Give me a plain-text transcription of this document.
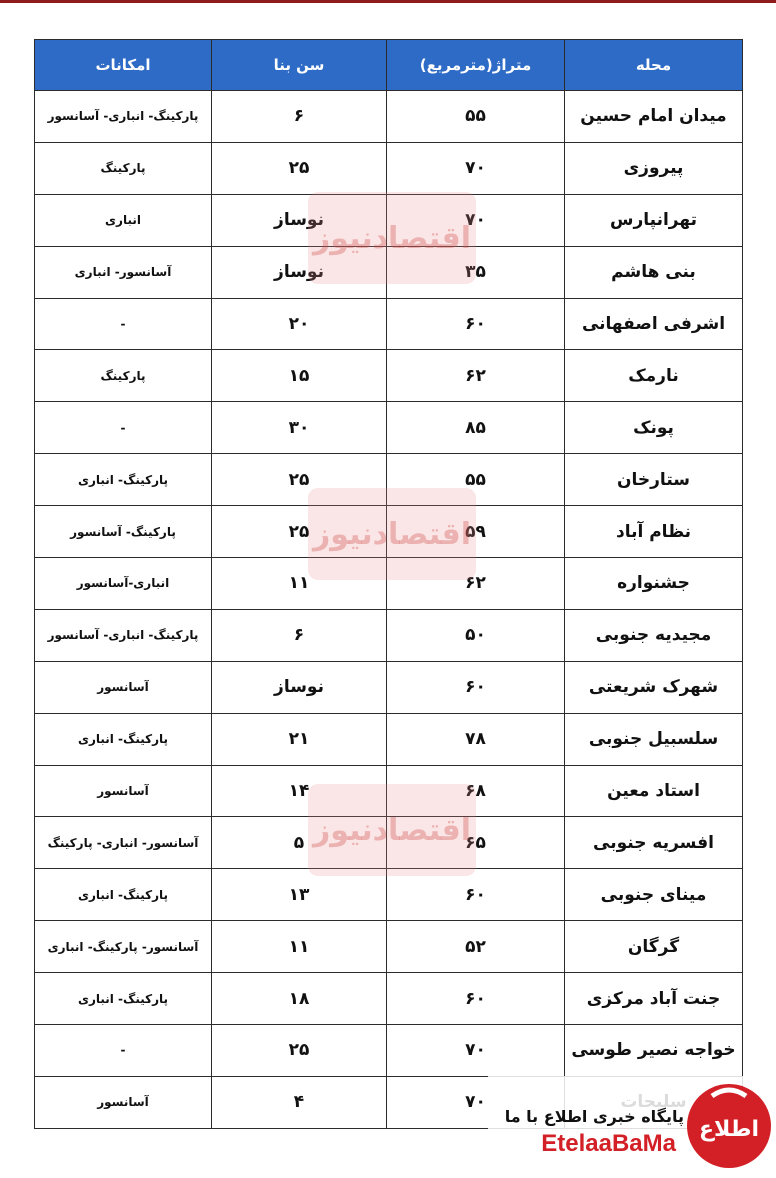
محله	متراژ(مترمربع)	سن بنا	امکانات
میدان امام حسین	۵۵	۶	پارکینگ- انباری- آسانسور
پیروزی	۷۰	۲۵	پارکینگ
تهرانپارس	۷۰	نوساز	انباری
بنی هاشم	۳۵	نوساز	آسانسور- انباری
اشرفی اصفهانی	۶۰	۲۰	-
نارمک	۶۲	۱۵	پارکینگ
پونک	۸۵	۳۰	-
ستارخان	۵۵	۲۵	پارکینگ- انباری
نظام آباد	۵۹	۲۵	پارکینگ- آسانسور
جشنواره	۶۲	۱۱	انباری-آسانسور
مجیدیه جنوبی	۵۰	۶	پارکینگ- انباری- آسانسور
شهرک شریعتی	۶۰	نوساز	آسانسور
سلسبیل جنوبی	۷۸	۲۱	پارکینگ- انباری
استاد معین	۶۸	۱۴	آسانسور
افسریه جنوبی	۶۵	۵	آسانسور- انباری- پارکینگ
مینای جنوبی	۶۰	۱۳	پارکینگ- انباری
گرگان	۵۲	۱۱	آسانسور- پارکینگ- انباری
جنت آباد مرکزی	۶۰	۱۸	پارکینگ- انباری
خواجه نصیر طوسی	۷۰	۲۵	-
	۷۰	۴	آسانسور
اقتصادنیوز
اقتصادنیوز
اقتصادنیوز
پایگاه خبری اطلاع با ما
EtelaaBaMa
اطلاع
